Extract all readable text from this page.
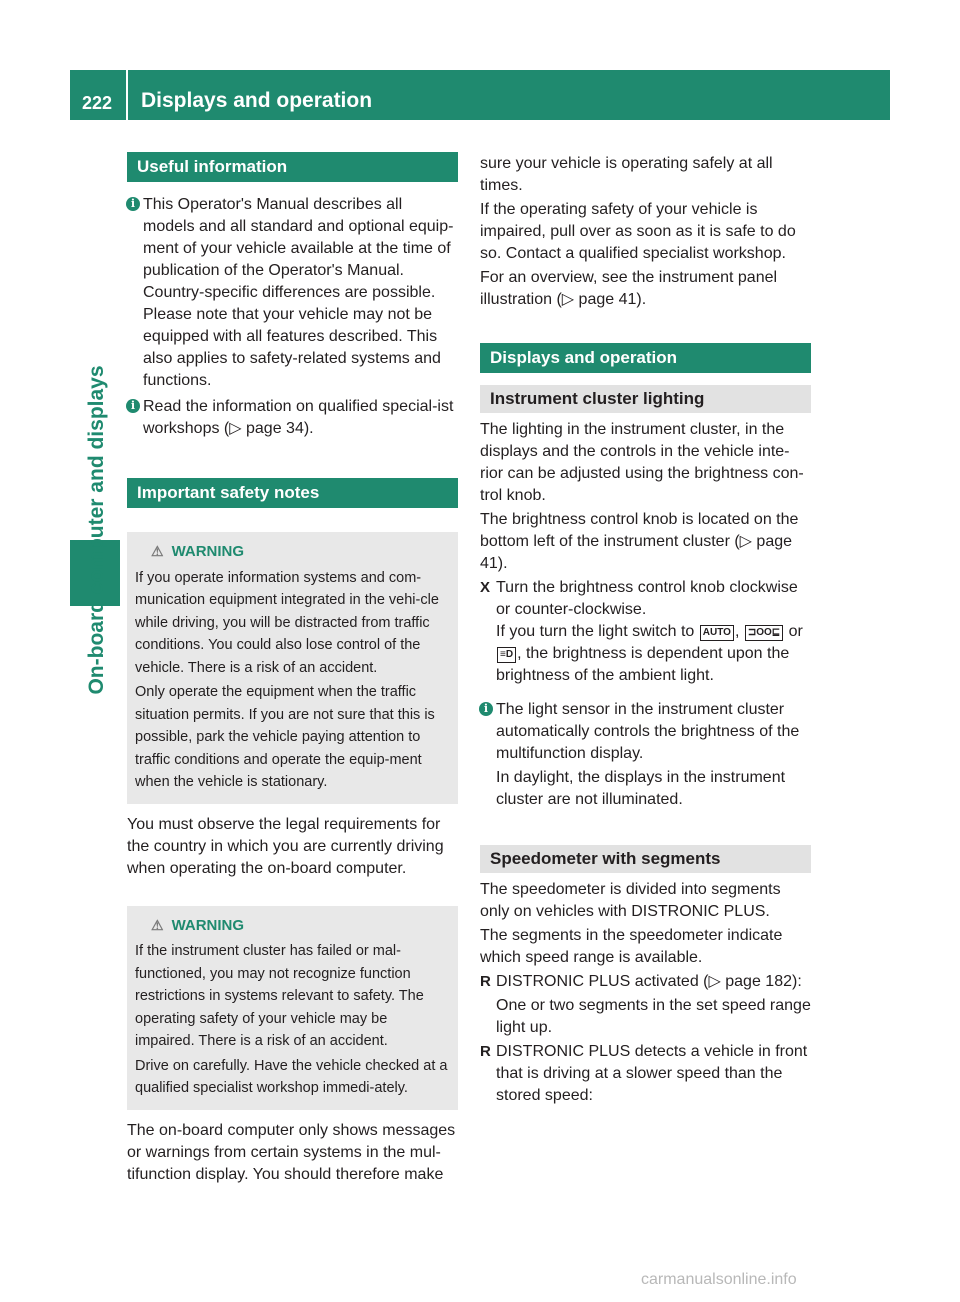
222 Displays and operation
On-board computer and displays
Useful information
i This Operator's Manual describes all models and all standard and optional equip-ment of your vehicle available at the time of publication of the Operator's Manual. Country-specific differences are possible. Please note that your vehicle may not be equipped with all features described. This also applies to safety-related systems and functions.
i Read the information on qualified special-ist workshops (▷ page 34).
Important safety notes
⚠ WARNING

If you operate information systems and com-munication equipment integrated in the vehi-cle while driving, you will be distracted from traffic conditions. You could also lose control of the vehicle. There is a risk of an accident.

Only operate the equipment when the traffic situation permits. If you are not sure that this is possible, park the vehicle paying attention to traffic conditions and operate the equip-ment when the vehicle is stationary.

You must observe the legal requirements for the country in which you are currently driving when operating the on-board computer.

⚠ WARNING

If the instrument cluster has failed or mal-functioned, you may not recognize function restrictions in systems relevant to safety. The operating safety of your vehicle may be impaired. There is a risk of an accident.

Drive on carefully. Have the vehicle checked at a qualified specialist workshop immedi-ately.

The on-board computer only shows messages or warnings from certain systems in the mul-tifunction display. You should therefore make

sure your vehicle is operating safely at all times.

If the operating safety of your vehicle is impaired, pull over as soon as it is safe to do so. Contact a qualified specialist workshop.

For an overview, see the instrument panel illustration (▷ page 41).

Displays and operation
Instrument cluster lighting

The lighting in the instrument cluster, in the displays and the controls in the vehicle inte-rior can be adjusted using the brightness con-trol knob.

The brightness control knob is located on the bottom left of the instrument cluster (▷ page 41).

X Turn the brightness control knob clockwise or counter-clockwise.
If you turn the light switch to AUTO , ⊐OO⊑ or ≡D , the brightness is dependent upon the brightness of the ambient light.
i The light sensor in the instrument cluster automatically controls the brightness of the multifunction display.

In daylight, the displays in the instrument cluster are not illuminated.

Speedometer with segments

The speedometer is divided into segments only on vehicles with DISTRONIC PLUS.

The segments in the speedometer indicate which speed range is available.

R DISTRONIC PLUS activated (▷ page 182):

One or two segments in the set speed range light up.

R DISTRONIC PLUS detects a vehicle in front that is driving at a slower speed than the stored speed:

carmanualsonline.info
